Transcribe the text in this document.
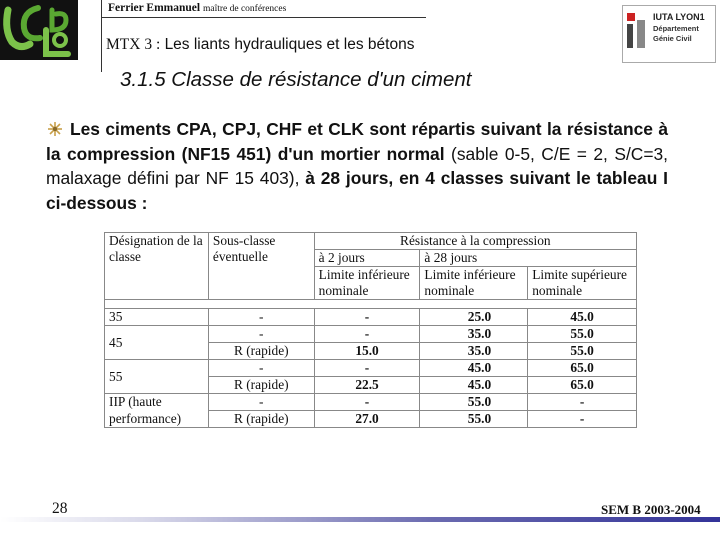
Ferrier Emmanuel maître de conférences
MTX 3 : Les liants hydrauliques et les bétons
IUTA LYON1
Département
Génie Civil
3.1.5 Classe de résistance d'un ciment
Les ciments CPA, CPJ, CHF et CLK sont répartis suivant la résistance à la compression (NF15 451) d'un mortier normal (sable 0-5, C/E = 2, S/C=3, malaxage défini par NF 15 403), à 28 jours, en 4 classes suivant le tableau I ci-dessous :
Désignation de la classe	Sous-classe éventuelle	Résistance à la compression		
		à 2 jours	à 28 jours	
		Limite inférieure nominale	Limite inférieure nominale	Limite supérieure nominale

35	-	-	25.0	45.0
45	-	-	35.0	55.0
	R (rapide)	15.0	35.0	55.0
55	-	-	45.0	65.0
	R (rapide)	22.5	45.0	65.0
IIP (haute	-	-	55.0	-
performance)	R (rapide)	27.0	55.0	-
28	SEM B 2003-2004
